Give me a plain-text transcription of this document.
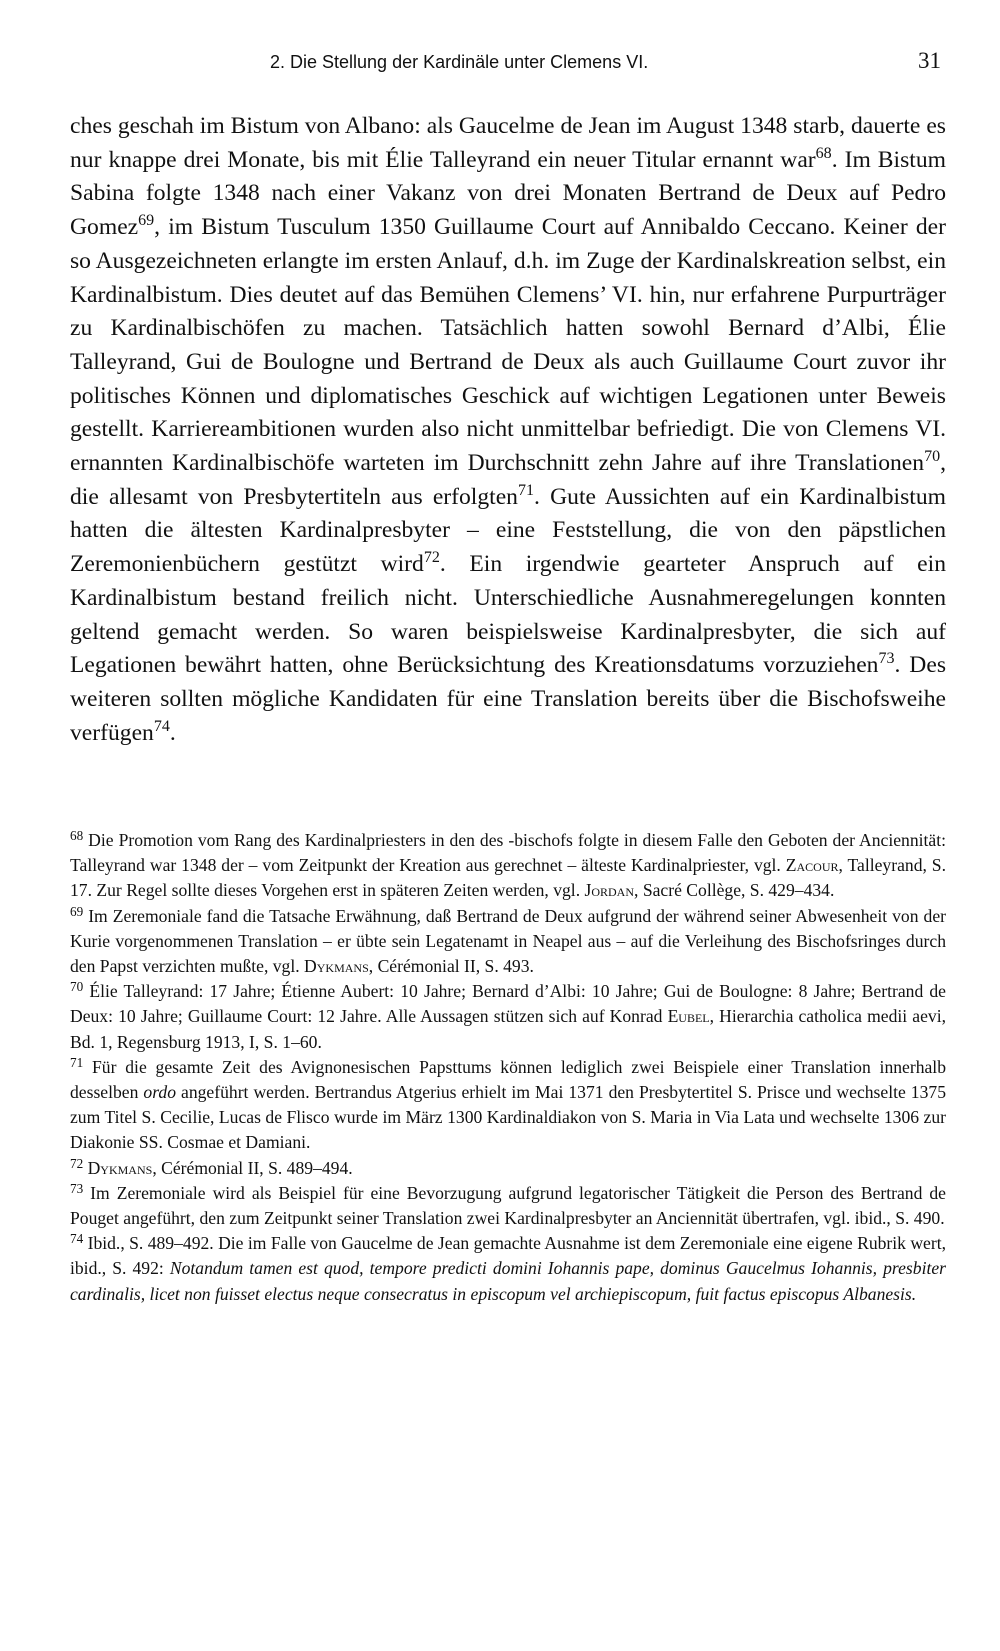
2. Die Stellung der Kardinäle unter Clemens VI.	31

ches geschah im Bistum von Albano: als Gaucelme de Jean im August 1348 starb, dauerte es nur knappe drei Monate, bis mit Élie Talleyrand ein neuer Titular ernannt war$^{68}$. Im Bistum Sabina folgte 1348 nach einer Vakanz von drei Monaten Bertrand de Deux auf Pedro Gomez$^{69}$, im Bistum Tusculum 1350 Guillaume Court auf Annibaldo Ceccano. Keiner der so Ausgezeichneten erlangte im ersten Anlauf, d.h. im Zuge der Kardinalskreation selbst, ein Kardinalbistum. Dies deutet auf das Bemühen Clemens’ VI. hin, nur erfahrene Purpurträger zu Kardinalbischöfen zu machen. Tatsächlich hatten sowohl Bernard d’Albi, Élie Talleyrand, Gui de Boulogne und Bertrand de Deux als auch Guillaume Court zuvor ihr politisches Können und diplomatisches Geschick auf wichtigen Legationen unter Beweis gestellt. Karriereambitionen wurden also nicht unmittelbar befriedigt. Die von Clemens VI. ernannten Kardinalbischöfe warteten im Durchschnitt zehn Jahre auf ihre Translationen$^{70}$, die allesamt von Presbytertiteln aus erfolgten$^{71}$. Gute Aussichten auf ein Kardinalbistum hatten die ältesten Kardinalpresbyter – eine Feststellung, die von den päpstlichen Zeremonienbüchern gestützt wird$^{72}$. Ein irgendwie gearteter Anspruch auf ein Kardinalbistum bestand freilich nicht. Unterschiedliche Ausnahmeregelungen konnten geltend gemacht werden. So waren beispielsweise Kardinalpresbyter, die sich auf Legationen bewährt hatten, ohne Berücksichtung des Kreationsdatums vorzuziehen$^{73}$. Des weiteren sollten mögliche Kandidaten für eine Translation bereits über die Bischofsweihe verfügen$^{74}$.

$^{68}$ Die Promotion vom Rang des Kardinalpriesters in den des -bischofs folgte in diesem Falle den Geboten der Anciennität: Talleyrand war 1348 der – vom Zeitpunkt der Kreation aus gerechnet – älteste Kardinalpriester, vgl. Zacour, Talleyrand, S. 17. Zur Regel sollte dieses Vorgehen erst in späteren Zeiten werden, vgl. Jordan, Sacré Collège, S. 429–434.

$^{69}$ Im Zeremoniale fand die Tatsache Erwähnung, daß Bertrand de Deux aufgrund der während seiner Abwesenheit von der Kurie vorgenommenen Translation – er übte sein Legatenamt in Neapel aus – auf die Verleihung des Bischofsringes durch den Papst verzichten mußte, vgl. Dykmans, Cérémonial II, S. 493.

$^{70}$ Élie Talleyrand: 17 Jahre; Étienne Aubert: 10 Jahre; Bernard d’Albi: 10 Jahre; Gui de Boulogne: 8 Jahre; Bertrand de Deux: 10 Jahre; Guillaume Court: 12 Jahre. Alle Aussagen stützen sich auf Konrad Eubel, Hierarchia catholica medii aevi, Bd. 1, Regensburg 1913, I, S. 1–60.

$^{71}$ Für die gesamte Zeit des Avignonesischen Papsttums können lediglich zwei Beispiele einer Translation innerhalb desselben ordo angeführt werden. Bertrandus Atgerius erhielt im Mai 1371 den Presbytertitel S. Prisce und wechselte 1375 zum Titel S. Cecilie, Lucas de Flisco wurde im März 1300 Kardinaldiakon von S. Maria in Via Lata und wechselte 1306 zur Diakonie SS. Cosmae et Damiani.

$^{72}$ Dykmans, Cérémonial II, S. 489–494.

$^{73}$ Im Zeremoniale wird als Beispiel für eine Bevorzugung aufgrund legatorischer Tätigkeit die Person des Bertrand de Pouget angeführt, den zum Zeitpunkt seiner Translation zwei Kardinalpresbyter an Anciennität übertrafen, vgl. ibid., S. 490.

$^{74}$ Ibid., S. 489–492. Die im Falle von Gaucelme de Jean gemachte Ausnahme ist dem Zeremoniale eine eigene Rubrik wert, ibid., S. 492: Notandum tamen est quod, tempore predicti domini Iohannis pape, dominus Gaucelmus Iohannis, presbiter cardinalis, licet non fuisset electus neque consecratus in episcopum vel archiepiscopum, fuit factus episcopus Albanesis.
